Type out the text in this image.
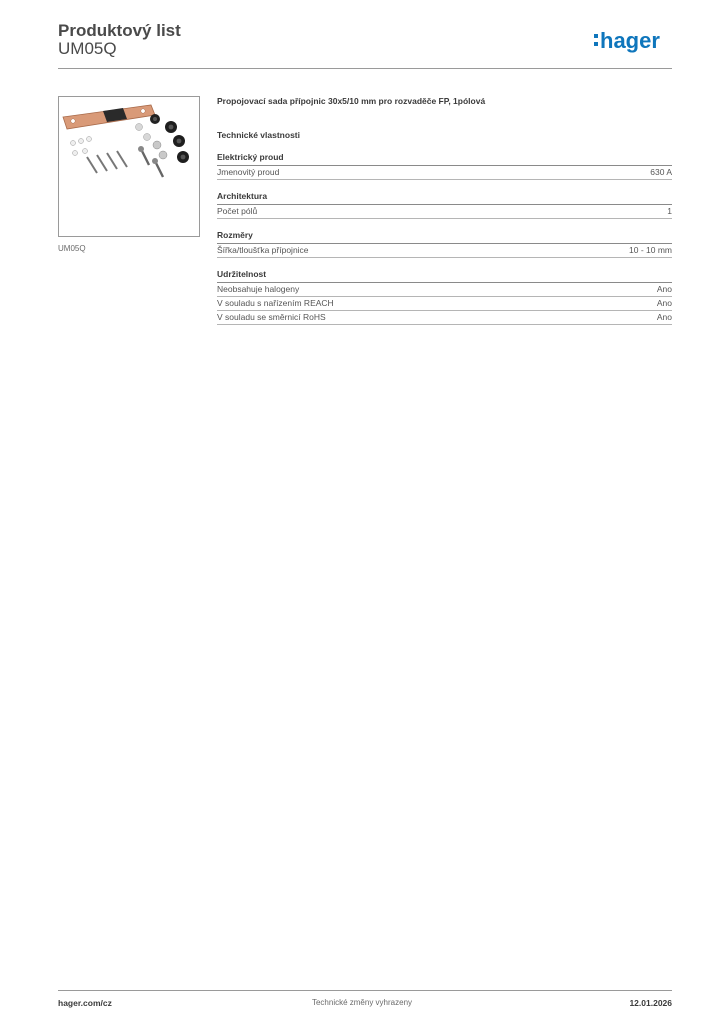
Produktový list
UM05Q	hager
UM05Q
Propojovací sada přípojnic 30x5/10 mm pro rozvaděče FP, 1pólová
Technické vlastnosti
Elektrický proud
Jmenovitý proud	630 A
Architektura
Počet pólů	1
Rozměry
Šířka/tloušťka přípojnice	10 - 10 mm
Udržitelnost
Neobsahuje halogeny	Ano
V souladu s nařízením REACH	Ano
V souladu se směrnicí RoHS	Ano
hager.com/cz	Technické změny vyhrazeny	12.01.2026
